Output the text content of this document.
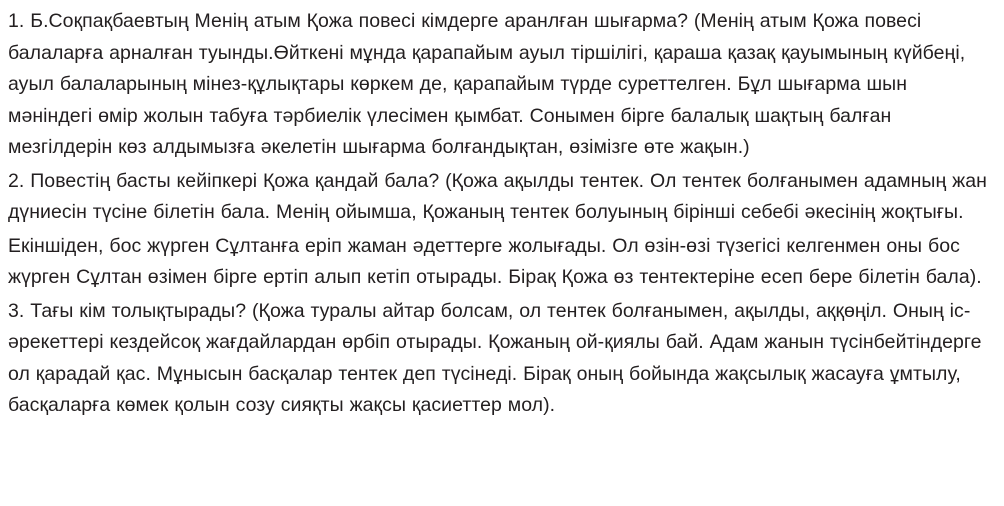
1. Б.Соқпақбаевтың Менің атым Қожа повесі кімдерге аранлған шығарма? (Менің атым Қожа повесі балаларға арналған туынды.Өйткені мұнда қарапайым ауыл тіршілігі, қараша қазақ қауымының күйбеңі, ауыл балаларының мінез-құлықтары көркем де, қарапайым түрде суреттелген. Бұл шығарма шын мәніндегі өмір жолын табуға тәрбиелік үлесімен қымбат. Сонымен бірге балалық шақтың балған мезгілдерін көз алдымызға әкелетін шығарма болғандықтан, өзімізге өте жақын.)

2. Повестің басты кейіпкері Қожа қандай бала? (Қожа ақылды тентек. Ол тентек болғанымен адамның жан дүниесін түсіне білетін бала. Менің ойымша, Қожаның тентек болуының бірінші себебі әкесінің жоқтығы.

Екіншіден, бос жүрген Сұлтанға еріп жаман әдеттерге жолығады. Ол өзін-өзі түзегісі келгенмен оны бос жүрген Сұлтан өзімен бірге ертіп алып кетіп отырады. Бірақ Қожа өз тентектеріне есеп бере білетін бала).

3. Тағы кім толықтырады? (Қожа туралы айтар болсам, ол тентек болғанымен, ақылды, аққөңіл. Оның іс-әрекеттері кездейсоқ жағдайлардан өрбіп отырады. Қожаның ой-қиялы бай. Адам жанын түсінбейтіндерге ол қарадай қас. Мұнысын басқалар тентек деп түсінеді. Бірақ оның бойында жақсылық жасауға ұмтылу, басқаларға көмек қолын созу сияқты жақсы қасиеттер мол).
